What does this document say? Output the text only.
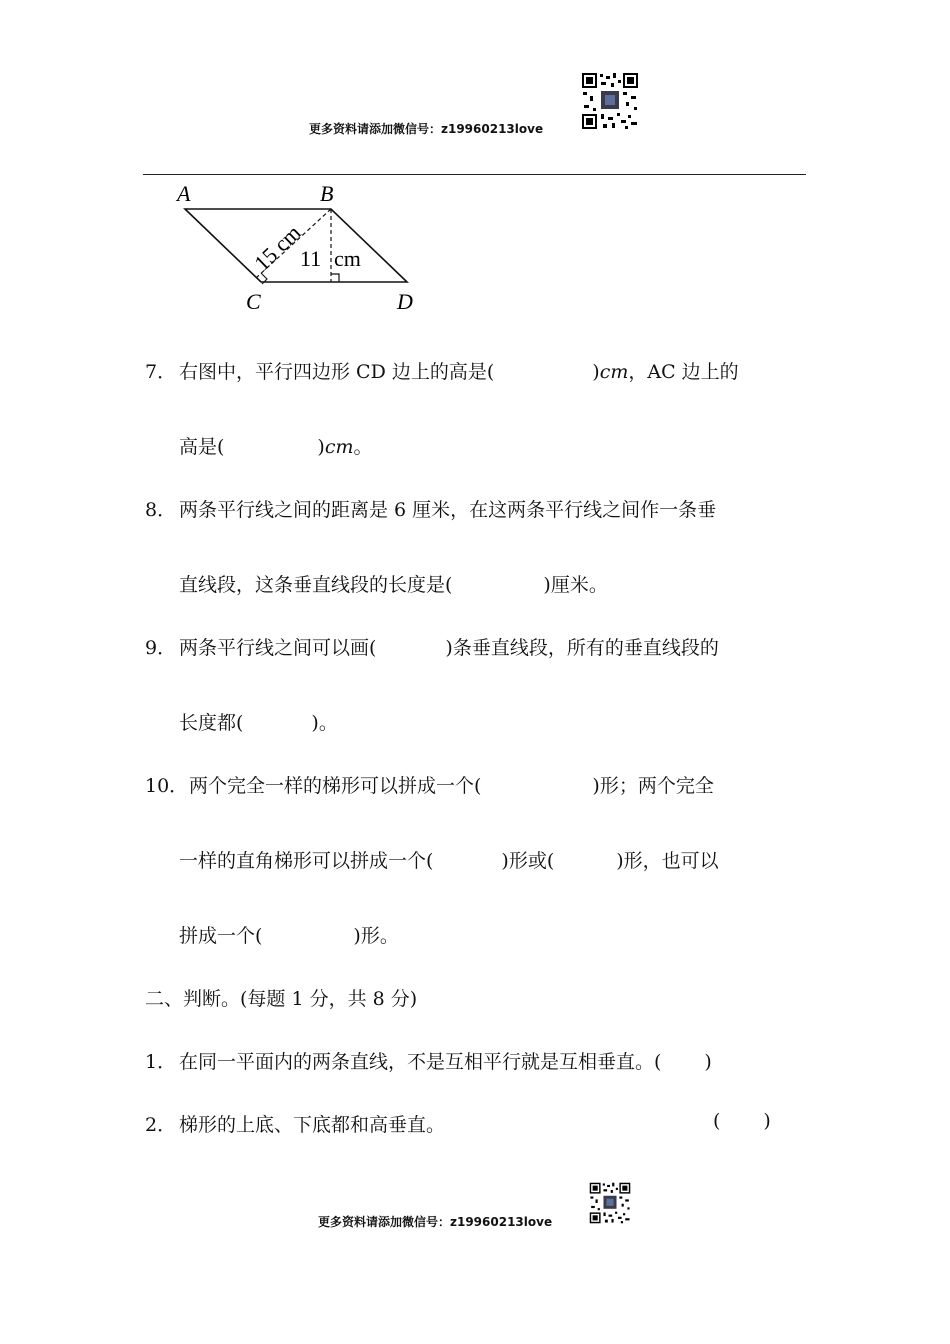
更多资料请添加微信号：z19960213love
A	B
C	D
15 cm
11 cm
7． 右图中，平行四边形 CD 边上的高是(	)cm，AC 边上的
高是(	)cm。
8． 两条平行线之间的距离是 6 厘米，在这两条平行线之间作一条垂
直线段，这条垂直线段的长度是(	)厘米。
9． 两条平行线之间可以画(	)条垂直线段，所有的垂直线段的
长度都(	)。
10．两个完全一样的梯形可以拼成一个(	)形；两个完全
一样的直角梯形可以拼成一个(	)形或(	)形，也可以
拼成一个(	)形。
二、判断。(每题 1 分，共 8 分)
1． 在同一平面内的两条直线，不是互相平行就是互相垂直。( )
2． 梯形的上底、下底都和高垂直。	( )
更多资料请添加微信号：z19960213love
